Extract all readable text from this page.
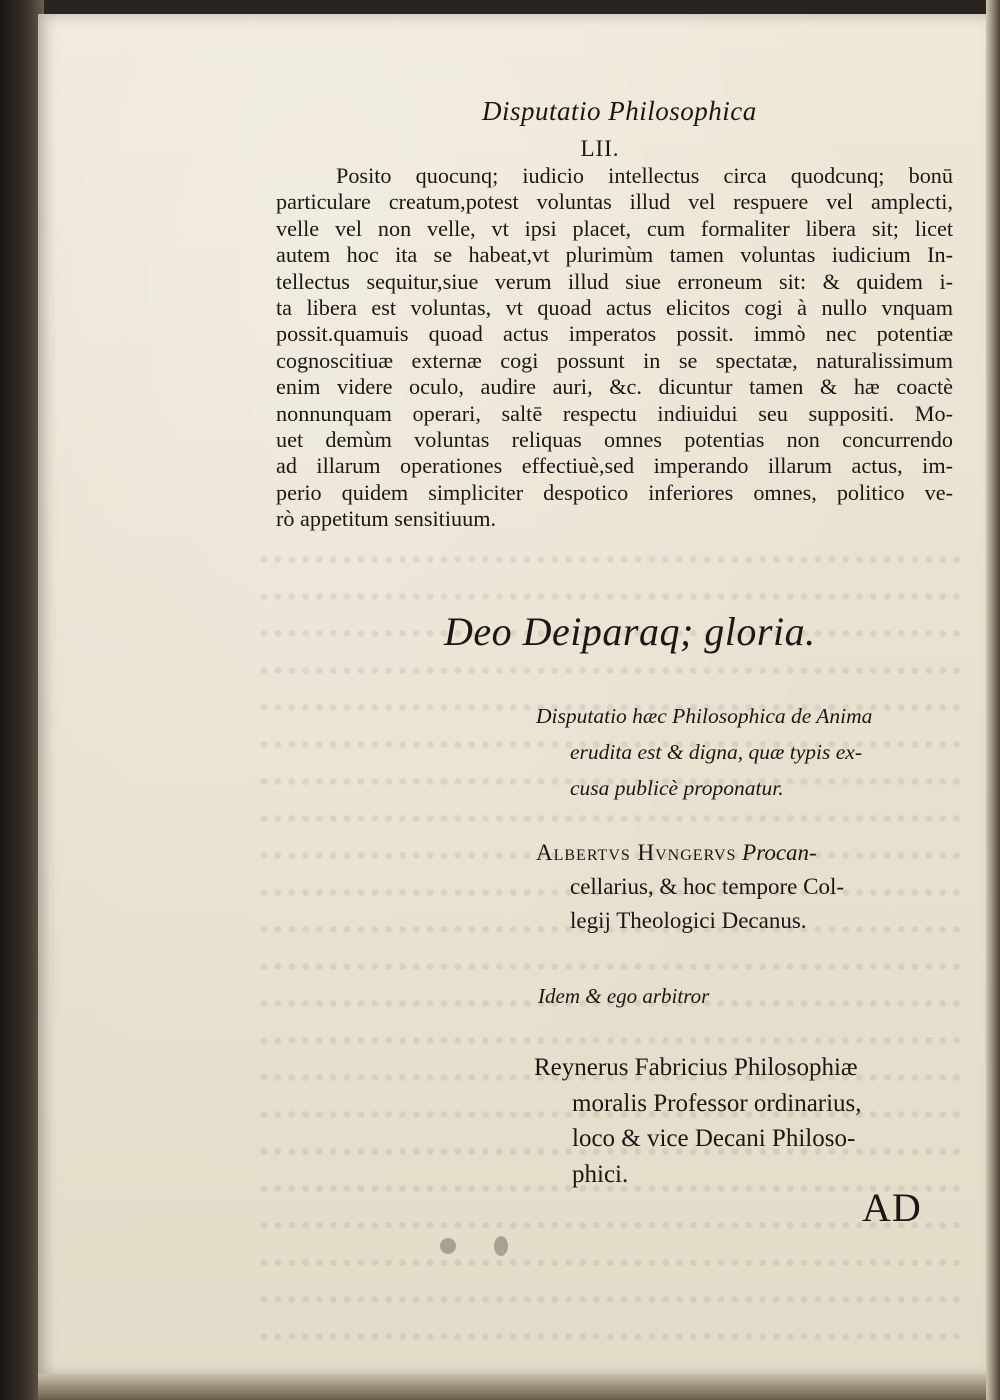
Disputatio Philosophica
LII.
Posito quocunq; iudicio intellectus circa quodcunq; bonū
particulare creatum,potest voluntas illud vel respuere vel amplecti,
velle vel non velle, vt ipsi placet, cum formaliter libera sit; licet
autem hoc ita se habeat,vt plurimùm tamen voluntas iudicium In-
tellectus sequitur,siue verum illud siue erroneum sit: & quidem i-
ta libera est voluntas, vt quoad actus elicitos cogi à nullo vnquam
possit.quamuis quoad actus imperatos possit. immò nec potentiæ
cognoscitiuæ externæ cogi possunt in se spectatæ, naturalissimum
enim videre oculo, audire auri, &c. dicuntur tamen & hæ coactè
nonnunquam operari, saltē respectu indiuidui seu suppositi. Mo-
uet demùm voluntas reliquas omnes potentias non concurrendo
ad illarum operationes effectiuè,sed imperando illarum actus, im-
perio quidem simpliciter despotico inferiores omnes, politico ve-
rò appetitum sensitiuum.
Deo Deiparaq; gloria.
Disputatio hæc Philosophica de Anima
erudita est & digna, quæ typis ex-
cusa publicè proponatur.
Albertvs Hvngervs Procan-
cellarius, & hoc tempore Col-
legij Theologici Decanus.
Idem & ego arbitror
Reynerus Fabricius Philosophiæ
moralis Professor ordinarius,
loco & vice Decani Philoso-
phici.
AD
